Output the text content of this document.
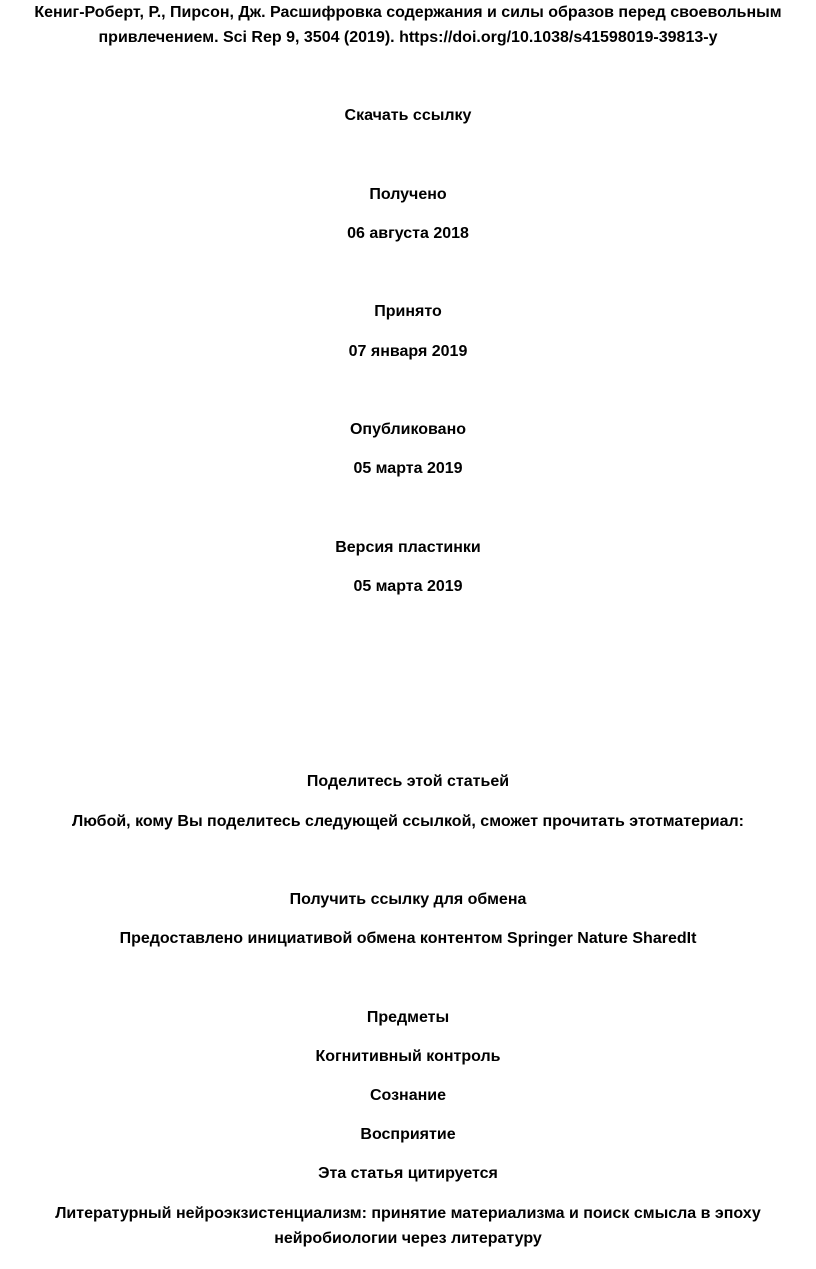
Кениг-Роберт, Р., Пирсон, Дж. Расшифровка содержания и силы образов перед своевольным
привлечением. Sci Rep 9, 3504 (2019). https://doi.org/10.1038/s41598019-39813-y
Скачать ссылку
Получено
06 августа 2018
Принято
07 января 2019
Опубликовано
05 марта 2019
Версия пластинки
05 марта 2019
Поделитесь этой статьей
Любой, кому Вы поделитесь следующей ссылкой, сможет прочитать этотматериал:
Получить ссылку для обмена
Предоставлено инициативой обмена контентом Springer Nature SharedIt
Предметы
Когнитивный контроль
Сознание
Восприятие
Эта статья цитируется
Литературный нейроэкзистенциализм: принятие материализма и поиск смысла в эпоху
нейробиологии через литературу
